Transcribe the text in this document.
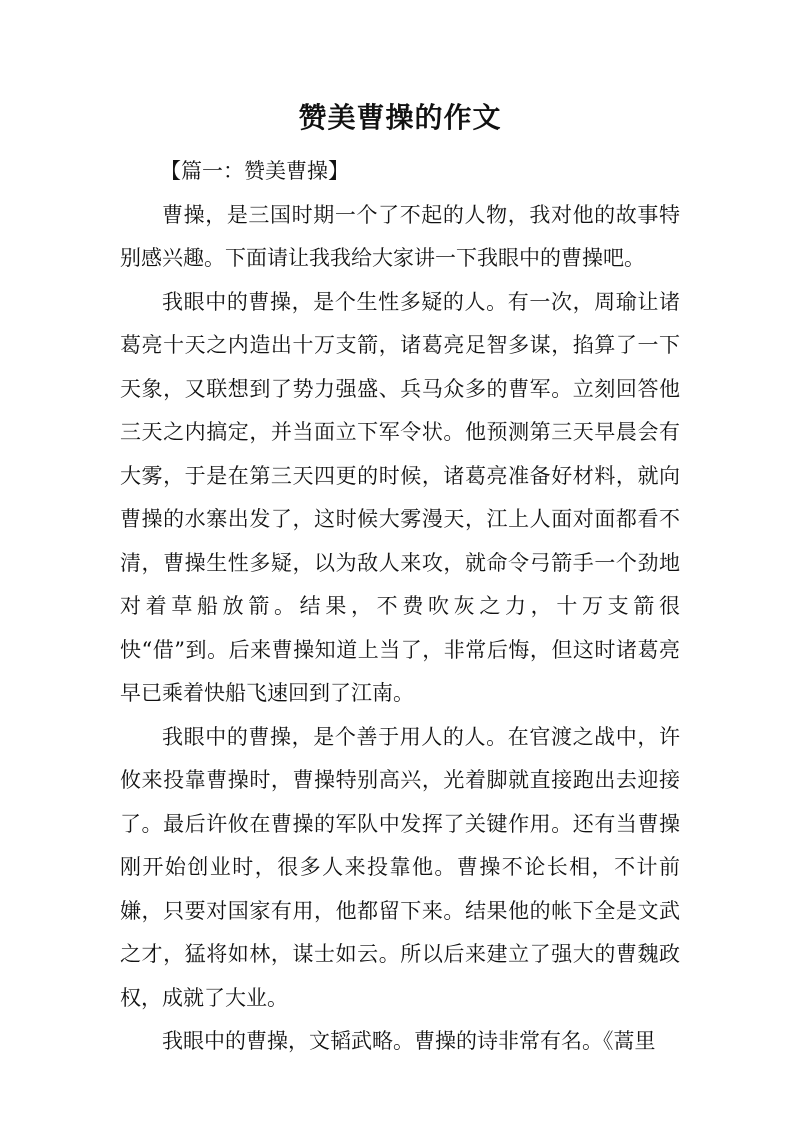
赞美曹操的作文

【篇一：赞美曹操】

曹操，是三国时期一个了不起的人物，我对他的故事特别感兴趣。下面请让我我给大家讲一下我眼中的曹操吧。

我眼中的曹操，是个生性多疑的人。有一次，周瑜让诸葛亮十天之内造出十万支箭，诸葛亮足智多谋，掐算了一下天象，又联想到了势力强盛、兵马众多的曹军。立刻回答他三天之内搞定，并当面立下军令状。他预测第三天早晨会有大雾，于是在第三天四更的时候，诸葛亮准备好材料，就向曹操的水寨出发了，这时候大雾漫天，江上人面对面都看不清，曹操生性多疑，以为敌人来攻，就命令弓箭手一个劲地对着草船放箭。结果，不费吹灰之力，十万支箭很快“借”到。后来曹操知道上当了，非常后悔，但这时诸葛亮早已乘着快船飞速回到了江南。

我眼中的曹操，是个善于用人的人。在官渡之战中，许攸来投靠曹操时，曹操特别高兴，光着脚就直接跑出去迎接了。最后许攸在曹操的军队中发挥了关键作用。还有当曹操刚开始创业时，很多人来投靠他。曹操不论长相，不计前嫌，只要对国家有用，他都留下来。结果他的帐下全是文武之才，猛将如林，谋士如云。所以后来建立了强大的曹魏政权，成就了大业。

我眼中的曹操，文韬武略。曹操的诗非常有名。《蒿里
